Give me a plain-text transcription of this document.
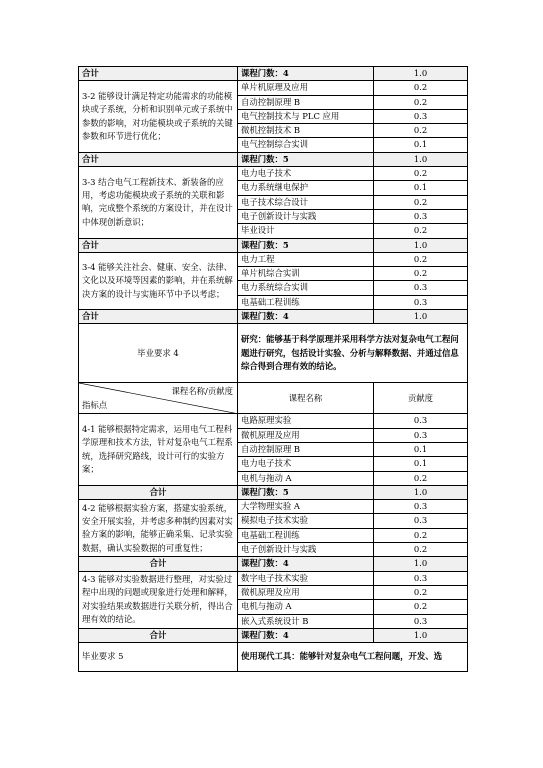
合计	课程门数：4	1.0
3-2 能够设计满足特定功能需求的功能模块或子系统，分析和识别单元或子系统中参数的影响，对功能模块或子系统的关键参数和环节进行优化；	单片机原理及应用	0.2
	自动控制原理 B	0.2
	电气控制技术与 PLC 应用	0.3
	微机控制技术 B	0.2
	电气控制综合实训	0.1
合计	课程门数：5	1.0
3-3 结合电气工程新技术、新装备的应用，考虑功能模块或子系统的关联和影响，完成整个系统的方案设计，并在设计中体现创新意识；	电力电子技术	0.2
	电力系统继电保护	0.1
	电子技术综合设计	0.2
	电子创新设计与实践	0.3
	毕业设计	0.2
合计	课程门数：5	1.0
3-4 能够关注社会、健康、安全、法律、文化以及环境等因素的影响，并在系统解决方案的设计与实施环节中予以考虑；	电力工程	0.2
	单片机综合实训	0.2
	电力系统综合实训	0.3
	电基础工程训练	0.3
合计	课程门数：4	1.0
毕业要求 4	研究：能够基于科学原理并采用科学方法对复杂电气工程问题进行研究，包括设计实验、分析与解释数据、并通过信息综合得到合理有效的结论。	

课程名称/贡献度
指标点	课程名称	贡献度
4-1 能够根据特定需求，运用电气工程科学原理和技术方法，针对复杂电气工程系统，选择研究路线，设计可行的实验方案；	电路原理实验	0.3
	微机原理及应用	0.3
	自动控制原理 B	0.1
	电力电子技术	0.1
	电机与拖动 A	0.2
合计	课程门数：5	1.0
4-2 能够根据实验方案，搭建实验系统，安全开展实验，并考虑多种制约因素对实验方案的影响，能够正确采集、记录实验数据，确认实验数据的可重复性；	大学物理实验 A	0.3
	模拟电子技术实验	0.3
	电基础工程训练	0.2
	电子创新设计与实践	0.2
合计	课程门数：4	1.0
4-3 能够对实验数据进行整理，对实验过程中出现的问题或现象进行处理和解释，对实验结果或数据进行关联分析，得出合理有效的结论。	数字电子技术实验	0.3
	微机原理及应用	0.2
	电机与拖动 A	0.2
	嵌入式系统设计 B	0.3
合计	课程门数：4	1.0
毕业要求 5	使用现代工具：能够针对复杂电气工程问题，开发、选	
